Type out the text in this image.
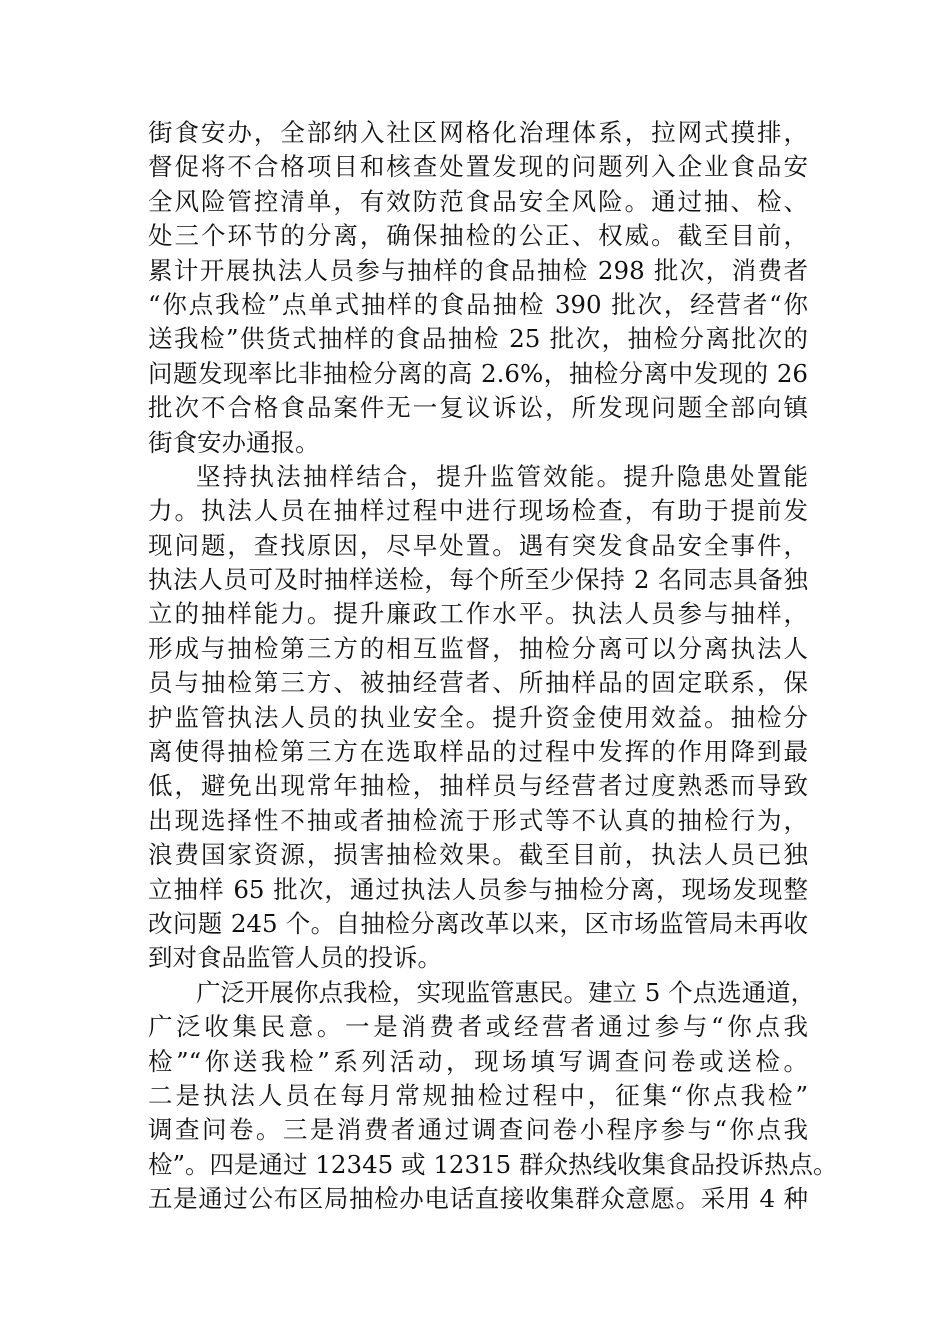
街食安办，全部纳入社区网格化治理体系，拉网式摸排，
督促将不合格项目和核查处置发现的问题列入企业食品安
全风险管控清单，有效防范食品安全风险。通过抽、检、
处三个环节的分离，确保抽检的公正、权威。截至目前，
累计开展执法人员参与抽样的食品抽检 298 批次，消费者
“你点我检”点单式抽样的食品抽检 390 批次，经营者“你
送我检”供货式抽样的食品抽检 25 批次，抽检分离批次的
问题发现率比非抽检分离的高 2.6%，抽检分离中发现的 26
批次不合格食品案件无一复议诉讼，所发现问题全部向镇
街食安办通报。
坚持执法抽样结合，提升监管效能。提升隐患处置能
力。执法人员在抽样过程中进行现场检查，有助于提前发
现问题，查找原因，尽早处置。遇有突发食品安全事件，
执法人员可及时抽样送检，每个所至少保持 2 名同志具备独
立的抽样能力。提升廉政工作水平。执法人员参与抽样，
形成与抽检第三方的相互监督，抽检分离可以分离执法人
员与抽检第三方、被抽经营者、所抽样品的固定联系，保
护监管执法人员的执业安全。提升资金使用效益。抽检分
离使得抽检第三方在选取样品的过程中发挥的作用降到最
低，避免出现常年抽检，抽样员与经营者过度熟悉而导致
出现选择性不抽或者抽检流于形式等不认真的抽检行为，
浪费国家资源，损害抽检效果。截至目前，执法人员已独
立抽样 65 批次，通过执法人员参与抽检分离，现场发现整
改问题 245 个。自抽检分离改革以来，区市场监管局未再收
到对食品监管人员的投诉。
广泛开展你点我检，实现监管惠民。建立 5 个点选通道，
广泛收集民意。一是消费者或经营者通过参与“你点我
检”“你送我检”系列活动，现场填写调查问卷或送检。
二是执法人员在每月常规抽检过程中，征集“你点我检”
调查问卷。三是消费者通过调查问卷小程序参与“你点我
检”。四是通过 12345 或 12315 群众热线收集食品投诉热点。
五是通过公布区局抽检办电话直接收集群众意愿。采用 4 种
